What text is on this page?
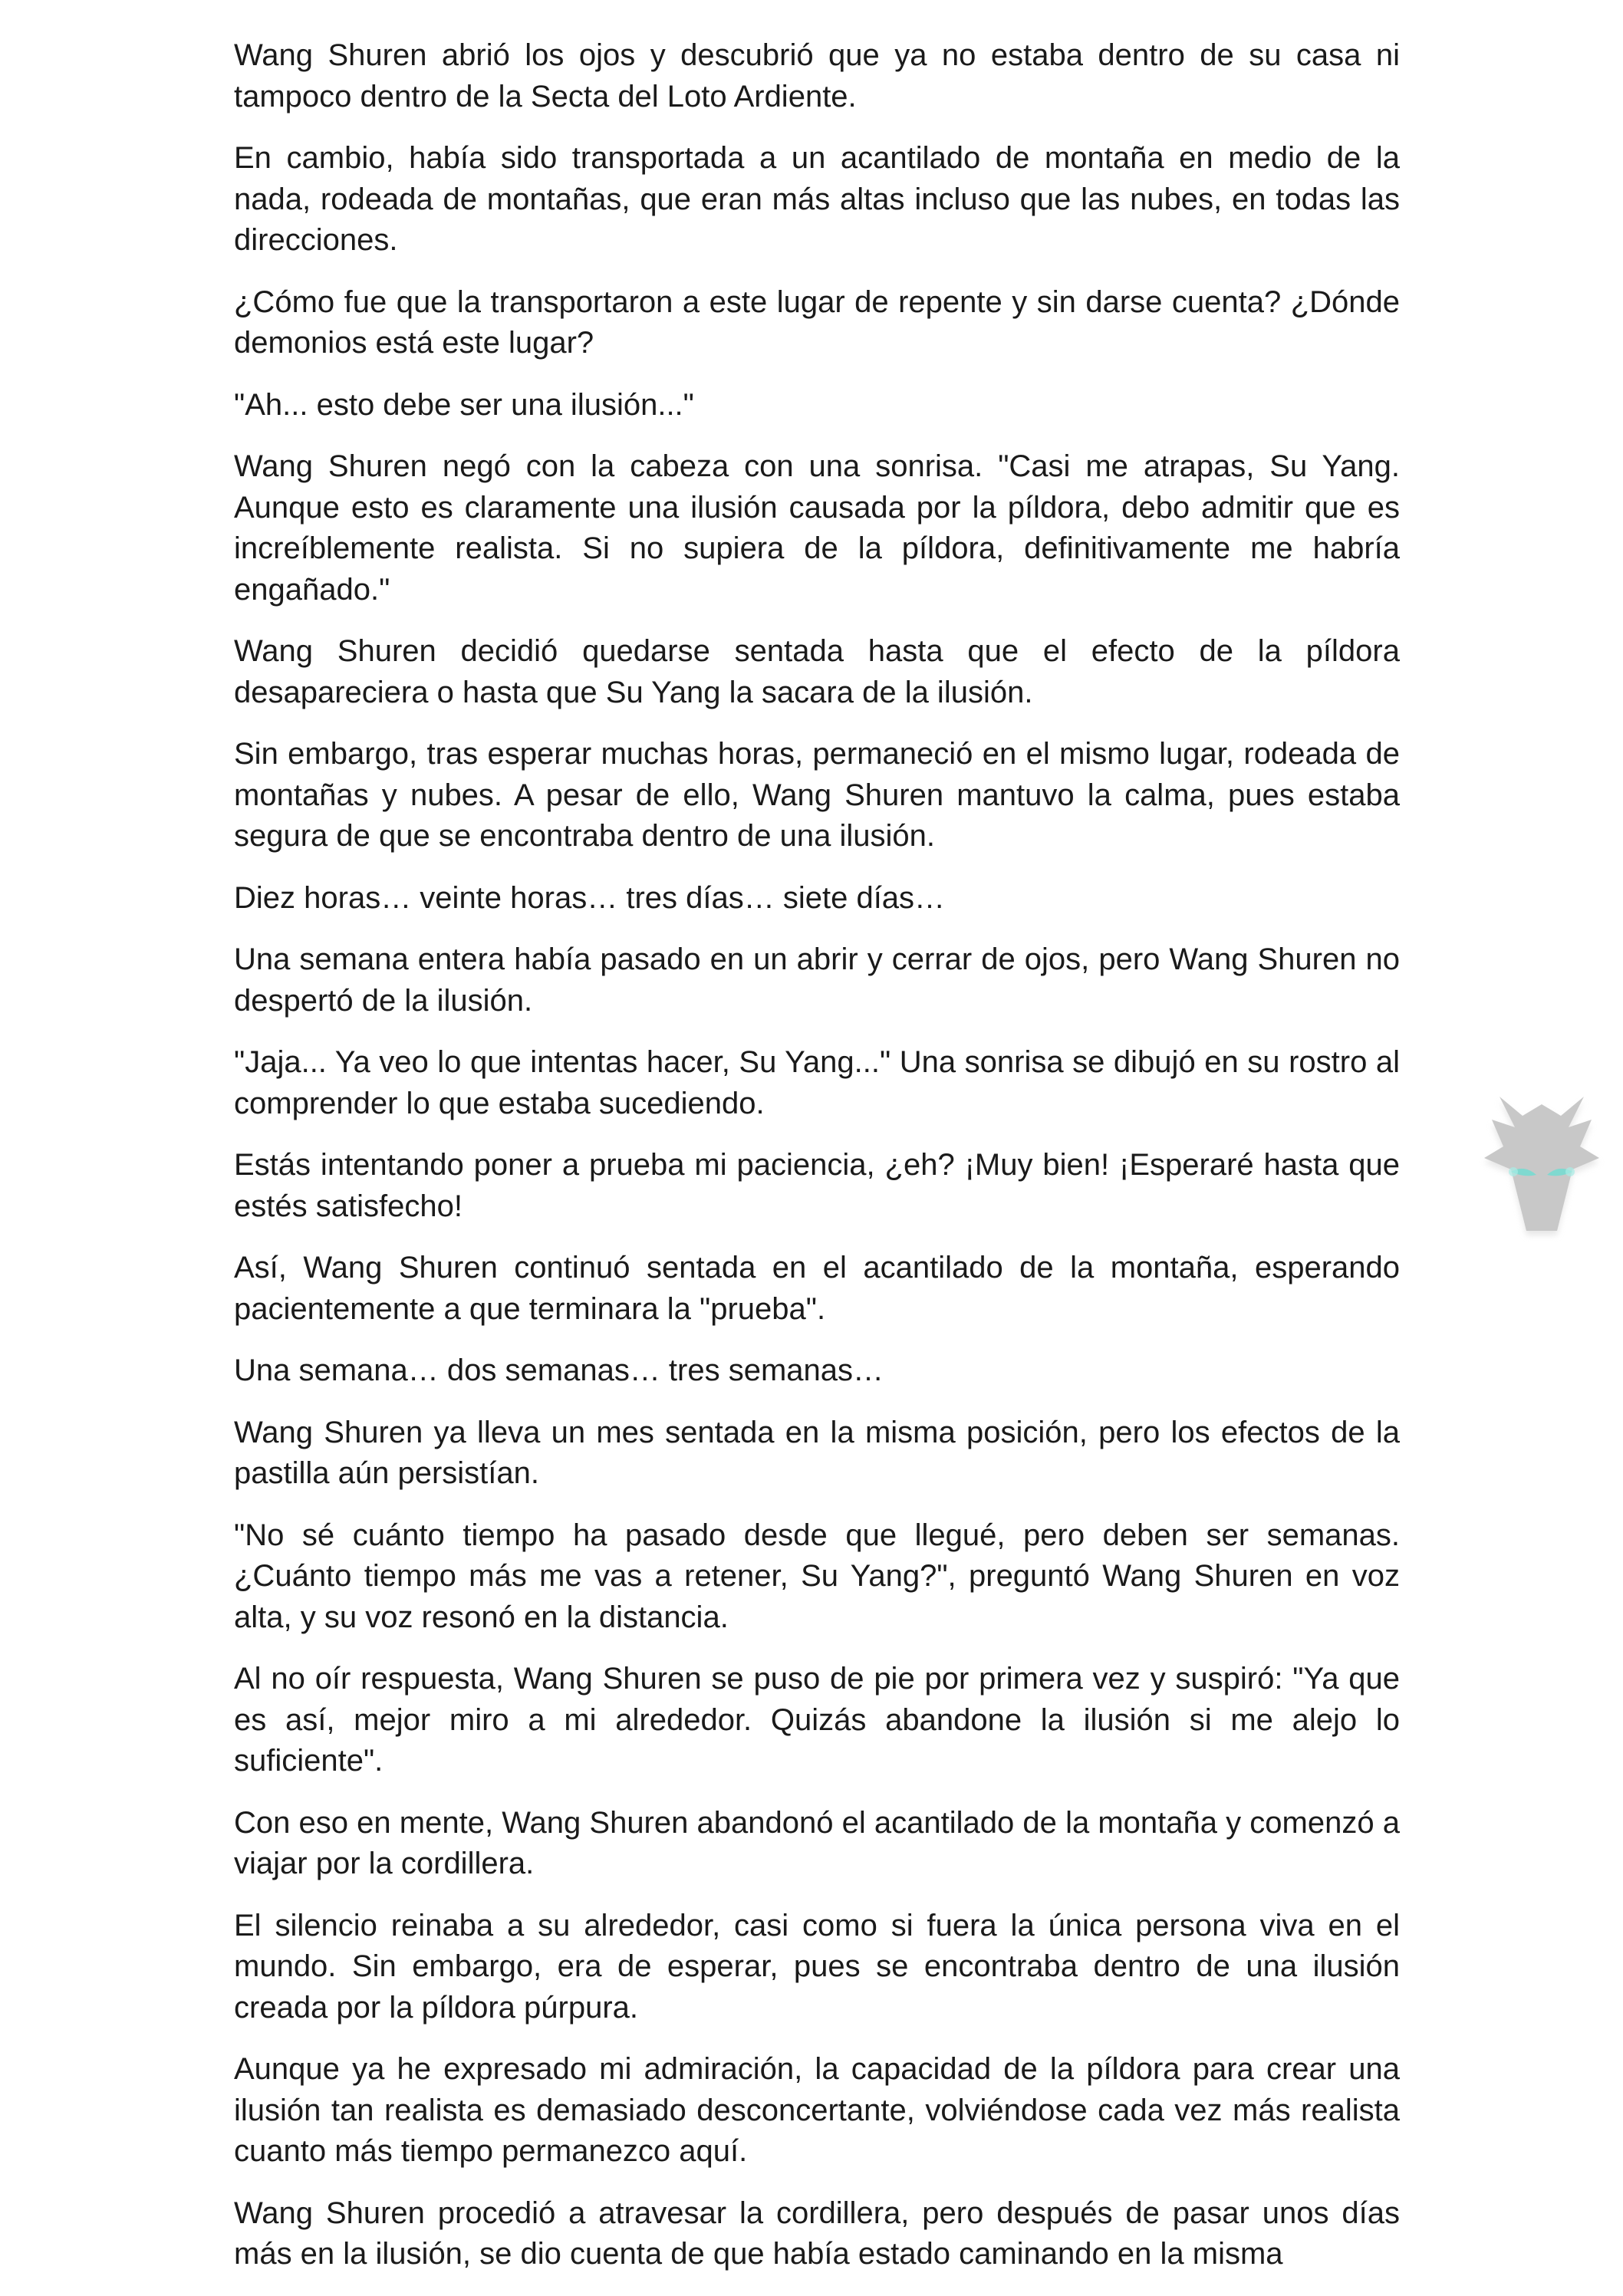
Wang Shuren abrió los ojos y descubrió que ya no estaba dentro de su casa ni tampoco dentro de la Secta del Loto Ardiente.

En cambio, había sido transportada a un acantilado de montaña en medio de la nada, rodeada de montañas, que eran más altas incluso que las nubes, en todas las direcciones.

¿Cómo fue que la transportaron a este lugar de repente y sin darse cuenta? ¿Dónde demonios está este lugar?

"Ah... esto debe ser una ilusión..."

Wang Shuren negó con la cabeza con una sonrisa. "Casi me atrapas, Su Yang. Aunque esto es claramente una ilusión causada por la píldora, debo admitir que es increíblemente realista. Si no supiera de la píldora, definitivamente me habría engañado."

Wang Shuren decidió quedarse sentada hasta que el efecto de la píldora desapareciera o hasta que Su Yang la sacara de la ilusión.

Sin embargo, tras esperar muchas horas, permaneció en el mismo lugar, rodeada de montañas y nubes. A pesar de ello, Wang Shuren mantuvo la calma, pues estaba segura de que se encontraba dentro de una ilusión.

Diez horas… veinte horas… tres días… siete días…

Una semana entera había pasado en un abrir y cerrar de ojos, pero Wang Shuren no despertó de la ilusión.

"Jaja... Ya veo lo que intentas hacer, Su Yang..." Una sonrisa se dibujó en su rostro al comprender lo que estaba sucediendo.

Estás intentando poner a prueba mi paciencia, ¿eh? ¡Muy bien! ¡Esperaré hasta que estés satisfecho!

Así, Wang Shuren continuó sentada en el acantilado de la montaña, esperando pacientemente a que terminara la "prueba".

Una semana… dos semanas… tres semanas…

Wang Shuren ya lleva un mes sentada en la misma posición, pero los efectos de la pastilla aún persistían.

"No sé cuánto tiempo ha pasado desde que llegué, pero deben ser semanas. ¿Cuánto tiempo más me vas a retener, Su Yang?", preguntó Wang Shuren en voz alta, y su voz resonó en la distancia.

Al no oír respuesta, Wang Shuren se puso de pie por primera vez y suspiró: "Ya que es así, mejor miro a mi alrededor. Quizás abandone la ilusión si me alejo lo suficiente".

Con eso en mente, Wang Shuren abandonó el acantilado de la montaña y comenzó a viajar por la cordillera.

El silencio reinaba a su alrededor, casi como si fuera la única persona viva en el mundo. Sin embargo, era de esperar, pues se encontraba dentro de una ilusión creada por la píldora púrpura.

Aunque ya he expresado mi admiración, la capacidad de la píldora para crear una ilusión tan realista es demasiado desconcertante, volviéndose cada vez más realista cuanto más tiempo permanezco aquí.

Wang Shuren procedió a atravesar la cordillera, pero después de pasar unos días más en la ilusión, se dio cuenta de que había estado caminando en la misma
